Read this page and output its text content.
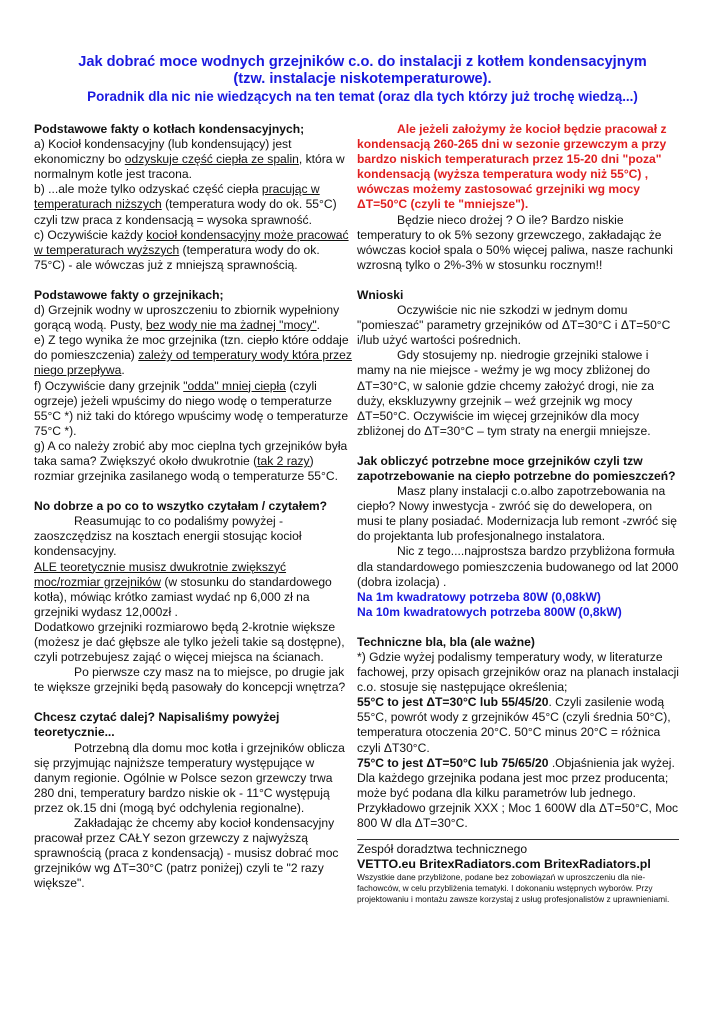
Jak dobrać moce wodnych grzejników c.o. do instalacji z kotłem kondensacyjnym
(tzw. instalacje niskotemperaturowe).
Poradnik dla nic nie wiedzących na ten temat (oraz dla tych którzy już trochę wiedzą...)

Podstawowe fakty o kotłach kondensacyjnych;

a) Kocioł kondensacyjny (lub kondensujący) jest ekonomiczny bo odzyskuje część ciepła ze spalin, która w normalnym kotle jest tracona.

b) ...ale może tylko odzyskać część ciepła pracując w temperaturach niższych (temperatura wody do ok. 55°C) czyli tzw praca z kondensacją = wysoka sprawność.

c) Oczywiście każdy kocioł kondensacyjny może pracować w temperaturach wyższych (temperatura wody do ok. 75°C) - ale wówczas już z mniejszą sprawnością.

Podstawowe fakty o grzejnikach;

d) Grzejnik wodny w uproszczeniu to zbiornik wypełniony gorącą wodą. Pusty, bez wody nie ma żadnej "mocy".

e) Z tego wynika że moc grzejnika (tzn. ciepło które oddaje do pomieszczenia) zależy od temperatury wody która przez niego przepływa.

f) Oczywiście dany grzejnik "odda" mniej ciepła (czyli ogrzeje) jeżeli wpuścimy do niego wodę o temperaturze 55°C *) niż taki do którego wpuścimy wodę o temperaturze 75°C *).

g) A co należy zrobić aby moc cieplna tych grzejników była taka sama? Zwiększyć około dwukrotnie (tak 2 razy) rozmiar grzejnika zasilanego wodą o temperaturze 55°C.

No dobrze a po co to wszytko czytałam / czytałem?

Reasumując to co podaliśmy powyżej - zaoszczędzisz na kosztach energii stosując kocioł kondensacyjny.

ALE teoretycznie musisz dwukrotnie zwiększyć moc/rozmiar grzejników (w stosunku do standardowego kotła), mówiąc krótko zamiast wydać np 6,000 zł na grzejniki wydasz 12,000zł .

Dodatkowo grzejniki rozmiarowo będą 2-krotnie większe (możesz je dać głębsze ale tylko jeżeli takie są dostępne), czyli potrzebujesz zająć o więcej miejsca na ścianach.

Po pierwsze czy masz na to miejsce, po drugie jak te większe grzejniki będą pasowały do koncepcji wnętrza?

Chcesz czytać dalej? Napisaliśmy powyżej teoretycznie...

Potrzebną dla domu moc kotła i grzejników oblicza się przyjmując najniższe temperatury występujące w danym regionie. Ogólnie w Polsce sezon grzewczy trwa 280 dni, temperatury bardzo niskie ok - 11°C występują przez ok.15 dni (mogą być odchylenia regionalne).

Zakładając że chcemy aby kocioł kondensacyjny pracował przez CAŁY sezon grzewczy z najwyższą sprawnością (praca z kondensacją) - musisz dobrać moc grzejników wg ΔT=30°C (patrz poniżej) czyli te "2 razy większe".

Ale jeżeli założymy że kocioł będzie pracował z kondensacją 260-265 dni w sezonie grzewczym a przy bardzo niskich temperaturach przez 15-20 dni "poza" kondensacją (wyższa temperatura wody niż 55°C) , wówczas możemy zastosować grzejniki wg mocy ΔT=50°C (czyli te "mniejsze").

Będzie nieco drożej ? O ile? Bardzo niskie temperatury to ok 5% sezony grzewczego, zakładając że wówczas kocioł spala o 50% więcej paliwa, nasze rachunki wzrosną tylko o 2%-3% w stosunku rocznym!!

Wnioski

Oczywiście nic nie szkodzi w jednym domu "pomieszać" parametry grzejników od ΔT=30°C i ΔT=50°C i/lub użyć wartości pośrednich.

Gdy stosujemy np. niedrogie grzejniki stalowe i mamy na nie miejsce - weźmy je wg mocy zbliżonej do ΔT=30°C, w salonie gdzie chcemy założyć drogi, nie za duży, ekskluzywny grzejnik – weź grzejnik wg mocy ΔT=50°C. Oczywiście im więcej grzejników dla mocy zbliżonej do ΔT=30°C – tym straty na energii mniejsze.

Jak obliczyć potrzebne moce grzejników czyli tzw zapotrzebowanie na ciepło potrzebne do pomieszczeń?

Masz plany instalacji c.o.albo zapotrzebowania na ciepło? Nowy inwestycja - zwróć się do dewelopera, on musi te plany posiadać. Modernizacja lub remont -zwróć się do projektanta lub profesjonalnego instalatora.

Nic z tego....najprostsza bardzo przybliżona formuła dla standardowego pomieszczenia budowanego od lat 2000 (dobra izolacja) .

Na 1m kwadratowy potrzeba 80W (0,08kW)

Na 10m kwadratowych potrzeba 800W (0,8kW)

Techniczne bla, bla (ale ważne)

*) Gdzie wyżej podalismy temperatury wody, w literaturze fachowej, przy opisach grzejników oraz na planach instalacji c.o. stosuje się następujące określenia;

55°C to jest ΔT=30°C lub 55/45/20. Czyli zasilenie wodą 55°C, powrót wody z grzejników 45°C (czyli średnia 50°C), temperatura otoczenia 20°C. 50°C minus 20°C = różnica czyli ΔT30°C.

75°C to jest ΔT=50°C lub 75/65/20 .Objaśnienia jak wyżej.

Dla każdego grzejnika podana jest moc przez producenta; może być podana dla kilku parametrów lub jednego. Przykładowo grzejnik XXX ; Moc 1 600W dla ΔT=50°C, Moc 800 W dla ΔT=30°C.

Zespół doradztwa technicznego

VETTO.eu BritexRadiators.com BritexRadiators.pl

Wszystkie dane przybliżone, podane bez zobowiązań w uproszczeniu dla nie-fachowców, w celu przybliżenia tematyki. I dokonaniu wstępnych wyborów. Przy projektowaniu i montażu zawsze korzystaj z usług profesjonalistów z uprawnieniami.
